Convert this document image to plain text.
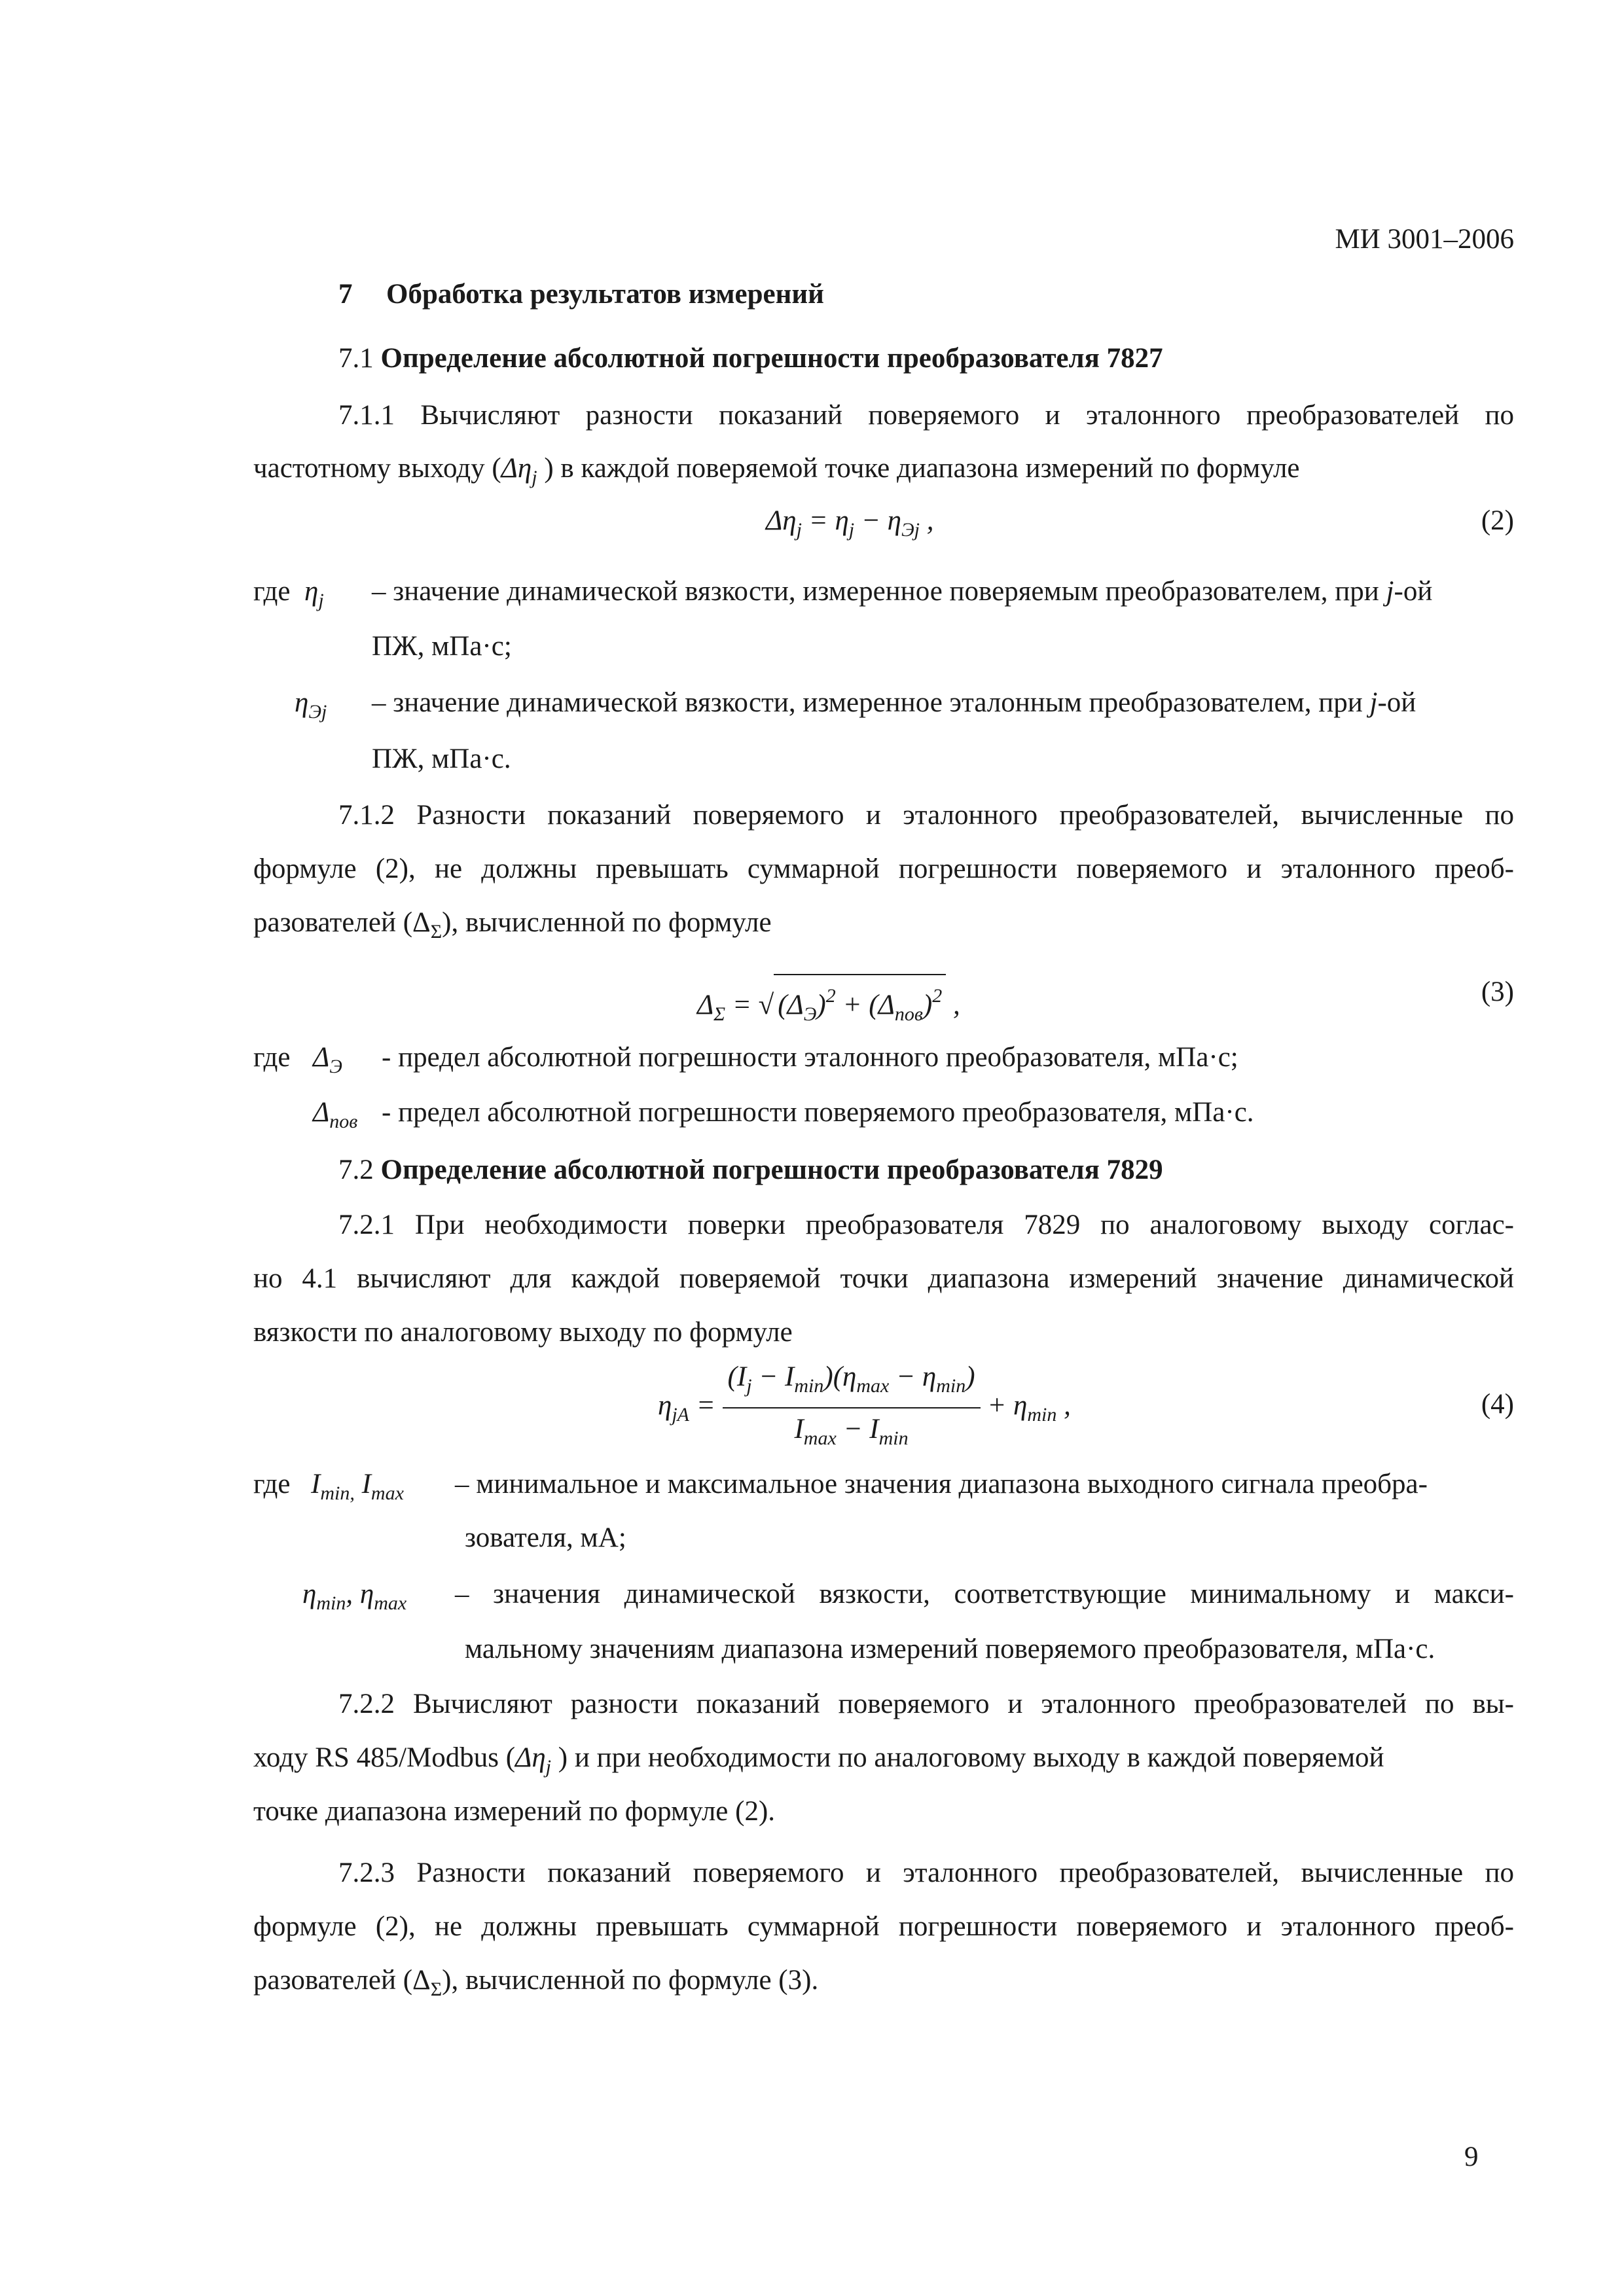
МИ 3001–2006
7 Обработка результатов измерений
7.1 Определение абсолютной погрешности преобразователя 7827
7.1.1 Вычисляют разности показаний поверяемого и эталонного преобразователей по
частотному выходу ($\Delta\eta_j$ ) в каждой поверяемой точке диапазона измерений по формуле
$\Delta\eta_j = \eta_j - \eta_{Эj}$ ,	(2)
где $\eta_j$ – значение динамической вязкости, измеренное поверяемым преобразователем, при j-ой
ПЖ, мПа·с;
$\eta_{Эj}$ – значение динамической вязкости, измеренное эталонным преобразователем, при j-ой
ПЖ, мПа·с.
7.1.2 Разности показаний поверяемого и эталонного преобразователей, вычисленные по
формуле (2), не должны превышать суммарной погрешности поверяемого и эталонного преоб-
разователей $(\Delta_\Sigma)$, вычисленной по формуле
$\Delta_\Sigma$ = √ $(\Delta_Э)^2 + (\Delta_{пов})^2$ ,	(3)
где $\Delta_Э$ - предел абсолютной погрешности эталонного преобразователя, мПа·с;
$\Delta_{пов}$ - предел абсолютной погрешности поверяемого преобразователя, мПа·с.
7.2 Определение абсолютной погрешности преобразователя 7829
7.2.1 При необходимости поверки преобразователя 7829 по аналоговому выходу соглас-
но 4.1 вычисляют для каждой поверяемой точки диапазона измерений значение динамической
вязкости по аналоговому выходу по формуле
$\eta_{jA} = \frac{(I_j - I_{min})(\eta_{max} - \eta_{min})}{I_{max} - I_{min}} + \eta_{min}$ ,	(4)
где $I_{min,}$ $I_{max}$ – минимальное и максимальное значения диапазона выходного сигнала преобра-
зователя, мА;
$\eta_{min}$, $\eta_{max}$ – значения динамической вязкости, соответствующие минимальному и макси-
мальному значениям диапазона измерений поверяемого преобразователя, мПа·с.
7.2.2 Вычисляют разности показаний поверяемого и эталонного преобразователей по вы-
ходу RS 485/Modbus ($\Delta\eta_j$ ) и при необходимости по аналоговому выходу в каждой поверяемой
точке диапазона измерений по формуле (2).
7.2.3 Разности показаний поверяемого и эталонного преобразователей, вычисленные по
формуле (2), не должны превышать суммарной погрешности поверяемого и эталонного преоб-
разователей $(\Delta_\Sigma)$, вычисленной по формуле (3).
9
